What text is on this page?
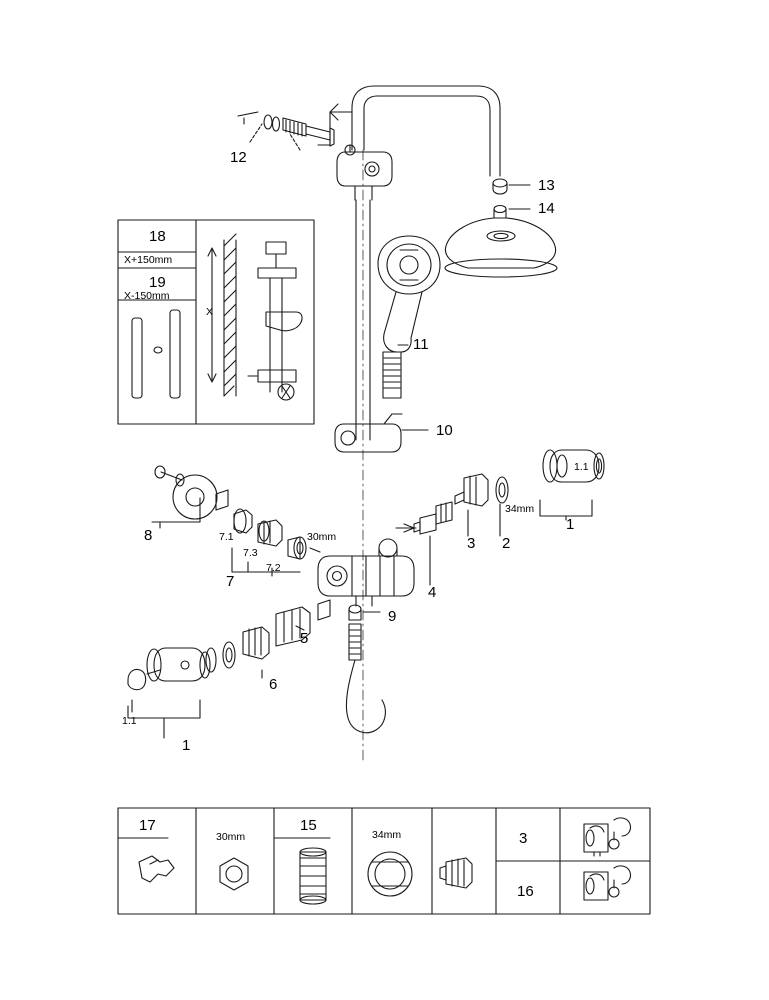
12
13
14
11
10
8
7
7.1
7.3
7.2
30mm
34mm
1
1.1
2
3
4
9
5
6
1.1
1
18
X+150mm
19
X-150mm
X
17
30mm
15
34mm	3
16
